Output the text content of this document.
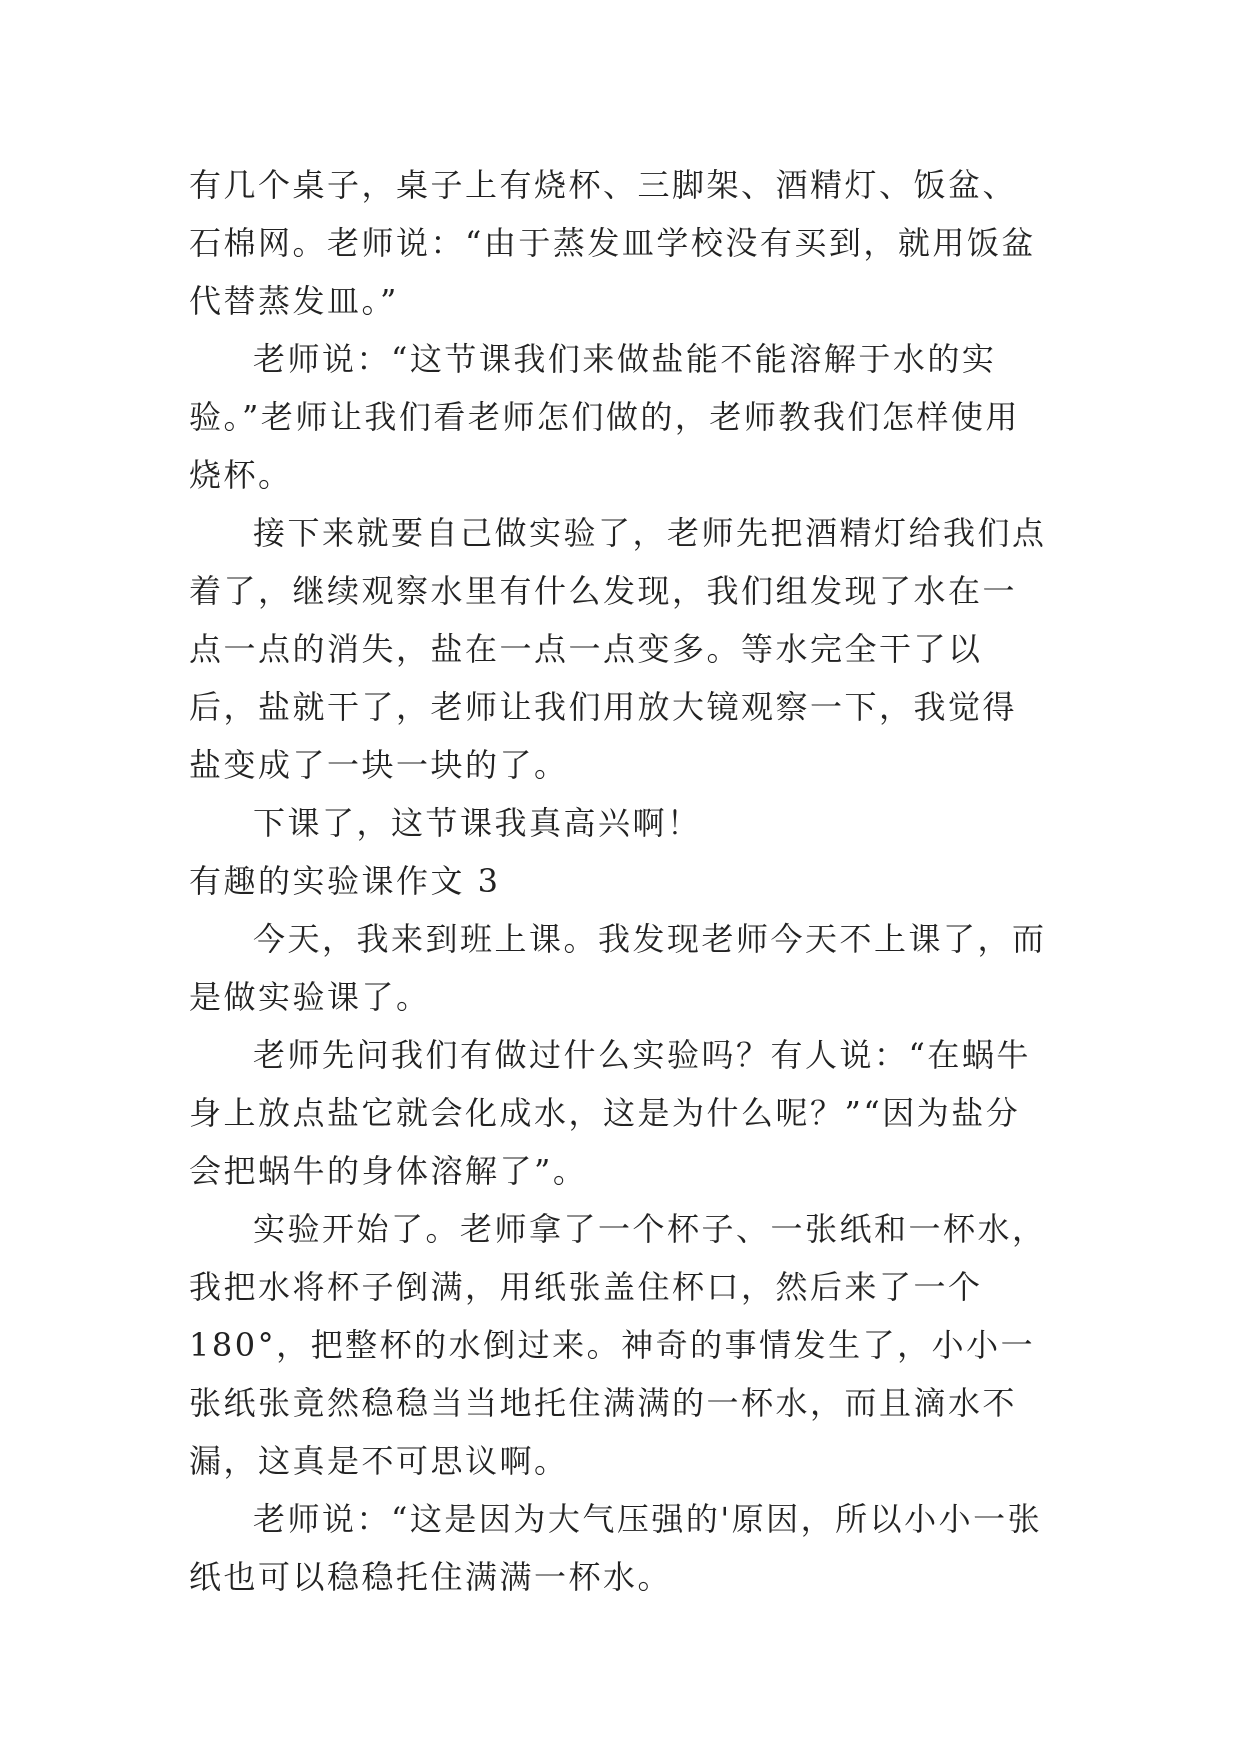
有几个桌子，桌子上有烧杯、三脚架、酒精灯、饭盆、石棉网。老师说：“由于蒸发皿学校没有买到，就用饭盆代替蒸发皿。”

老师说：“这节课我们来做盐能不能溶解于水的实验。”老师让我们看老师怎们做的，老师教我们怎样使用烧杯。

接下来就要自己做实验了，老师先把酒精灯给我们点着了，继续观察水里有什么发现，我们组发现了水在一点一点的消失，盐在一点一点变多。等水完全干了以后，盐就干了，老师让我们用放大镜观察一下，我觉得盐变成了一块一块的了。

下课了，这节课我真高兴啊！

有趣的实验课作文 3

今天，我来到班上课。我发现老师今天不上课了，而是做实验课了。

老师先问我们有做过什么实验吗？有人说：“在蜗牛身上放点盐它就会化成水，这是为什么呢？”“因为盐分会把蜗牛的身体溶解了”。

实验开始了。老师拿了一个杯子、一张纸和一杯水，我把水将杯子倒满，用纸张盖住杯口，然后来了一个 180°，把整杯的水倒过来。神奇的事情发生了，小小一张纸张竟然稳稳当当地托住满满的一杯水，而且滴水不漏，这真是不可思议啊。

老师说：“这是因为大气压强的'原因，所以小小一张纸也可以稳稳托住满满一杯水。
